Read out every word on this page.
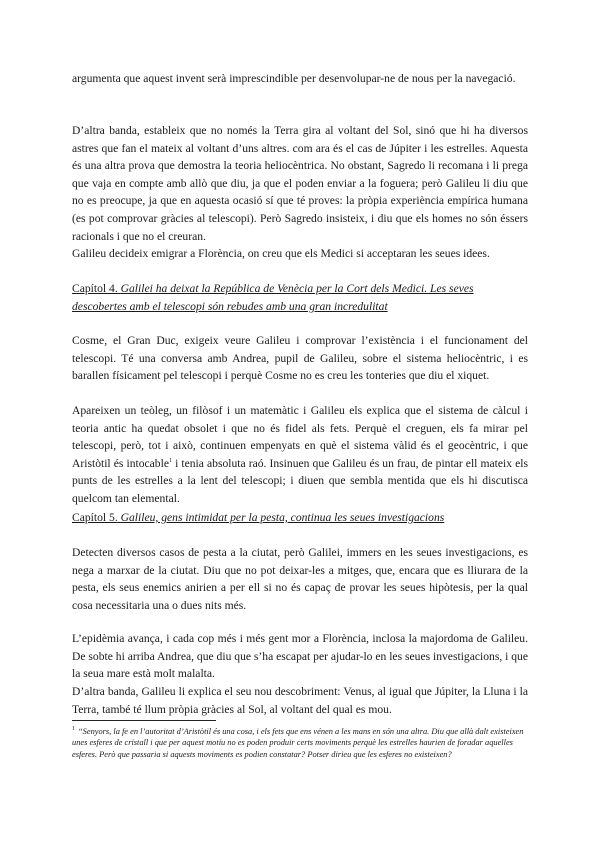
argumenta que aquest invent serà imprescindible per desenvolupar-ne de nous per la navegació.

D’altra banda, estableix que no només la Terra gira al voltant del Sol, sinó que hi ha diversos astres que fan el mateix al voltant d’uns altres. com ara és el cas de Júpiter i les estrelles. Aquesta és una altra prova que demostra la teoria heliocèntrica. No obstant, Sagredo li recomana i li prega que vaja en compte amb allò que diu, ja que el poden enviar a la foguera; però Galileu li diu que no es preocupe, ja que en aquesta ocasió sí que té proves: la pròpia experiència empírica humana (es pot comprovar gràcies al telescopi). Però Sagredo insisteix, i diu que els homes no són éssers racionals i que no el creuran.

Galileu decideix emigrar a Florència, on creu que els Medici si acceptaran les seues idees.

Capítol 4. Galilei ha deixat la República de Venècia per la Cort dels Medici. Les seves descobertes amb el telescopi són rebudes amb una gran incredulitat

Cosme, el Gran Duc, exigeix veure Galileu i comprovar l’existència i el funcionament del telescopi. Té una conversa amb Andrea, pupil de Galileu, sobre el sistema heliocèntric, i es barallen físicament pel telescopi i perquè Cosme no es creu les tonteries que diu el xiquet.

Apareixen un teòleg, un filòsof i un matemàtic i Galileu els explica que el sistema de càlcul i teoria antic ha quedat obsolet i que no és fidel als fets. Perquè el creguen, els fa mirar pel telescopi, però, tot i això, continuen empenyats en què el sistema vàlid és el geocèntric, i que Aristòtil és intocable$^1$ i tenia absoluta raó. Insinuen que Galileu és un frau, de pintar ell mateix els punts de les estrelles a la lent del telescopi; i diuen que sembla mentida que els hi discutisca quelcom tan elemental.

Capítol 5. Galileu, gens intimidat per la pesta, continua les seues investigacions

Detecten diversos casos de pesta a la ciutat, però Galilei, immers en les seues investigacions, es nega a marxar de la ciutat. Diu que no pot deixar-les a mitges, que, encara que es lliurara de la pesta, els seus enemics anirien a per ell si no és capaç de provar les seues hipòtesis, per la qual cosa necessitaria una o dues nits més.

L’epidèmia avança, i cada cop més i més gent mor a Florència, inclosa la majordoma de Galileu. De sobte hi arriba Andrea, que diu que s’ha escapat per ajudar-lo en les seues investigacions, i que la seua mare està molt malalta.

D’altra banda, Galileu li explica el seu nou descobriment: Venus, al igual que Júpiter, la Lluna i la Terra, també té llum pròpia gràcies al Sol, al voltant del qual es mou.

$^1$ “Senyors, la fe en l’autoritat d’Aristòtil és una cosa, i els fets que ens vénen a les mans en són una altra. Diu que allà dalt existeixen unes esferes de cristall i que per aquest motiu no es poden produir certs moviments perquè les estrelles haurien de foradar aquelles esferes. Però que passaria si aquests moviments es podien constatar? Potser dirieu que les esferes no existeixen?
